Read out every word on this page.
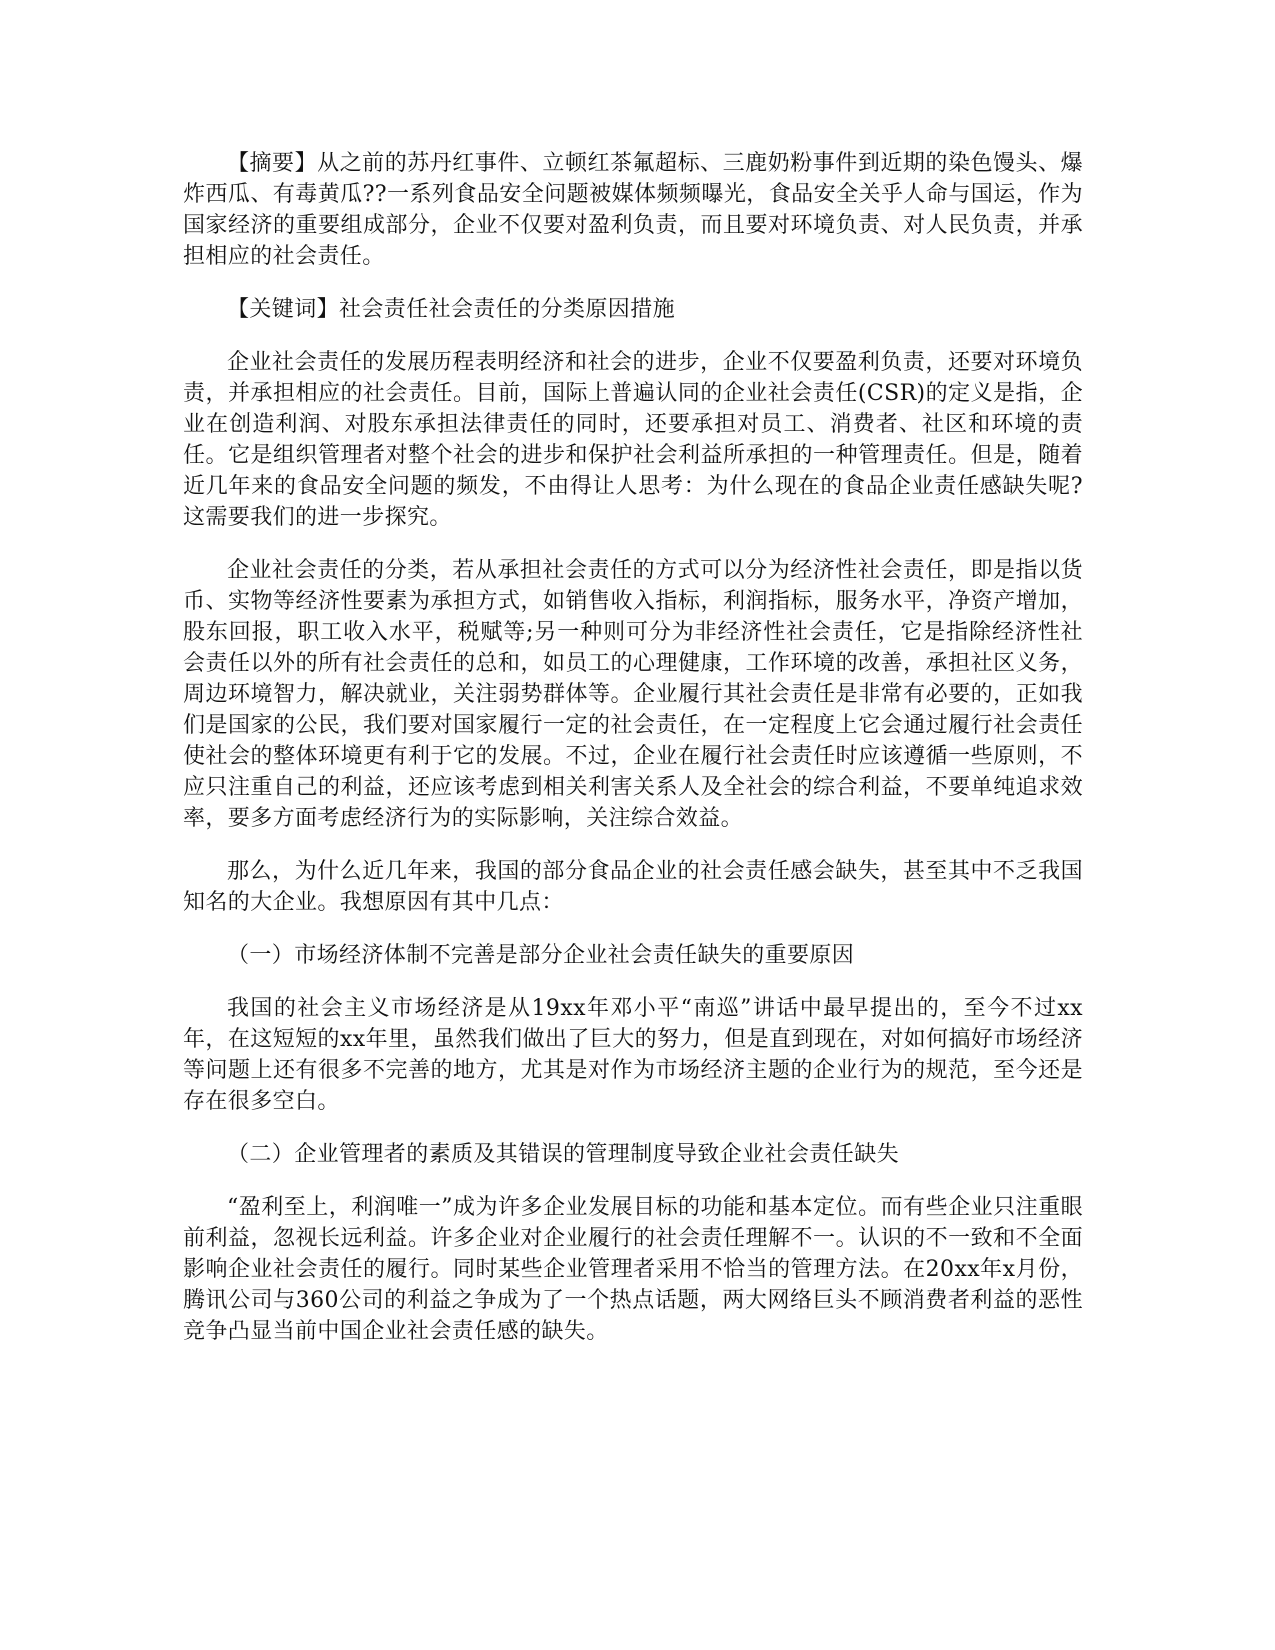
【摘要】从之前的苏丹红事件、立顿红茶氟超标、三鹿奶粉事件到近期的染色馒头、爆炸西瓜、有毒黄瓜??一系列食品安全问题被媒体频频曝光，食品安全关乎人命与国运，作为国家经济的重要组成部分，企业不仅要对盈利负责，而且要对环境负责、对人民负责，并承担相应的社会责任。

【关键词】社会责任社会责任的分类原因措施

企业社会责任的发展历程表明经济和社会的进步，企业不仅要盈利负责，还要对环境负责，并承担相应的社会责任。目前，国际上普遍认同的企业社会责任(CSR)的定义是指，企业在创造利润、对股东承担法律责任的同时，还要承担对员工、消费者、社区和环境的责任。它是组织管理者对整个社会的进步和保护社会利益所承担的一种管理责任。但是，随着近几年来的食品安全问题的频发，不由得让人思考：为什么现在的食品企业责任感缺失呢?这需要我们的进一步探究。

企业社会责任的分类，若从承担社会责任的方式可以分为经济性社会责任，即是指以货币、实物等经济性要素为承担方式，如销售收入指标，利润指标，服务水平，净资产增加，股东回报，职工收入水平，税赋等;另一种则可分为非经济性社会责任，它是指除经济性社会责任以外的所有社会责任的总和，如员工的心理健康，工作环境的改善，承担社区义务，周边环境智力，解决就业，关注弱势群体等。企业履行其社会责任是非常有必要的，正如我们是国家的公民，我们要对国家履行一定的社会责任，在一定程度上它会通过履行社会责任使社会的整体环境更有利于它的发展。不过，企业在履行社会责任时应该遵循一些原则，不应只注重自己的利益，还应该考虑到相关利害关系人及全社会的综合利益，不要单纯追求效率，要多方面考虑经济行为的实际影响，关注综合效益。

那么，为什么近几年来，我国的部分食品企业的社会责任感会缺失，甚至其中不乏我国知名的大企业。我想原因有其中几点：

（一）市场经济体制不完善是部分企业社会责任缺失的重要原因

我国的社会主义市场经济是从19xx年邓小平“南巡”讲话中最早提出的，至今不过xx年，在这短短的xx年里，虽然我们做出了巨大的努力，但是直到现在，对如何搞好市场经济等问题上还有很多不完善的地方，尤其是对作为市场经济主题的企业行为的规范，至今还是存在很多空白。

（二）企业管理者的素质及其错误的管理制度导致企业社会责任缺失

“盈利至上，利润唯一”成为许多企业发展目标的功能和基本定位。而有些企业只注重眼前利益，忽视长远利益。许多企业对企业履行的社会责任理解不一。认识的不一致和不全面影响企业社会责任的履行。同时某些企业管理者采用不恰当的管理方法。在20xx年x月份，腾讯公司与360公司的利益之争成为了一个热点话题，两大网络巨头不顾消费者利益的恶性竞争凸显当前中国企业社会责任感的缺失。
